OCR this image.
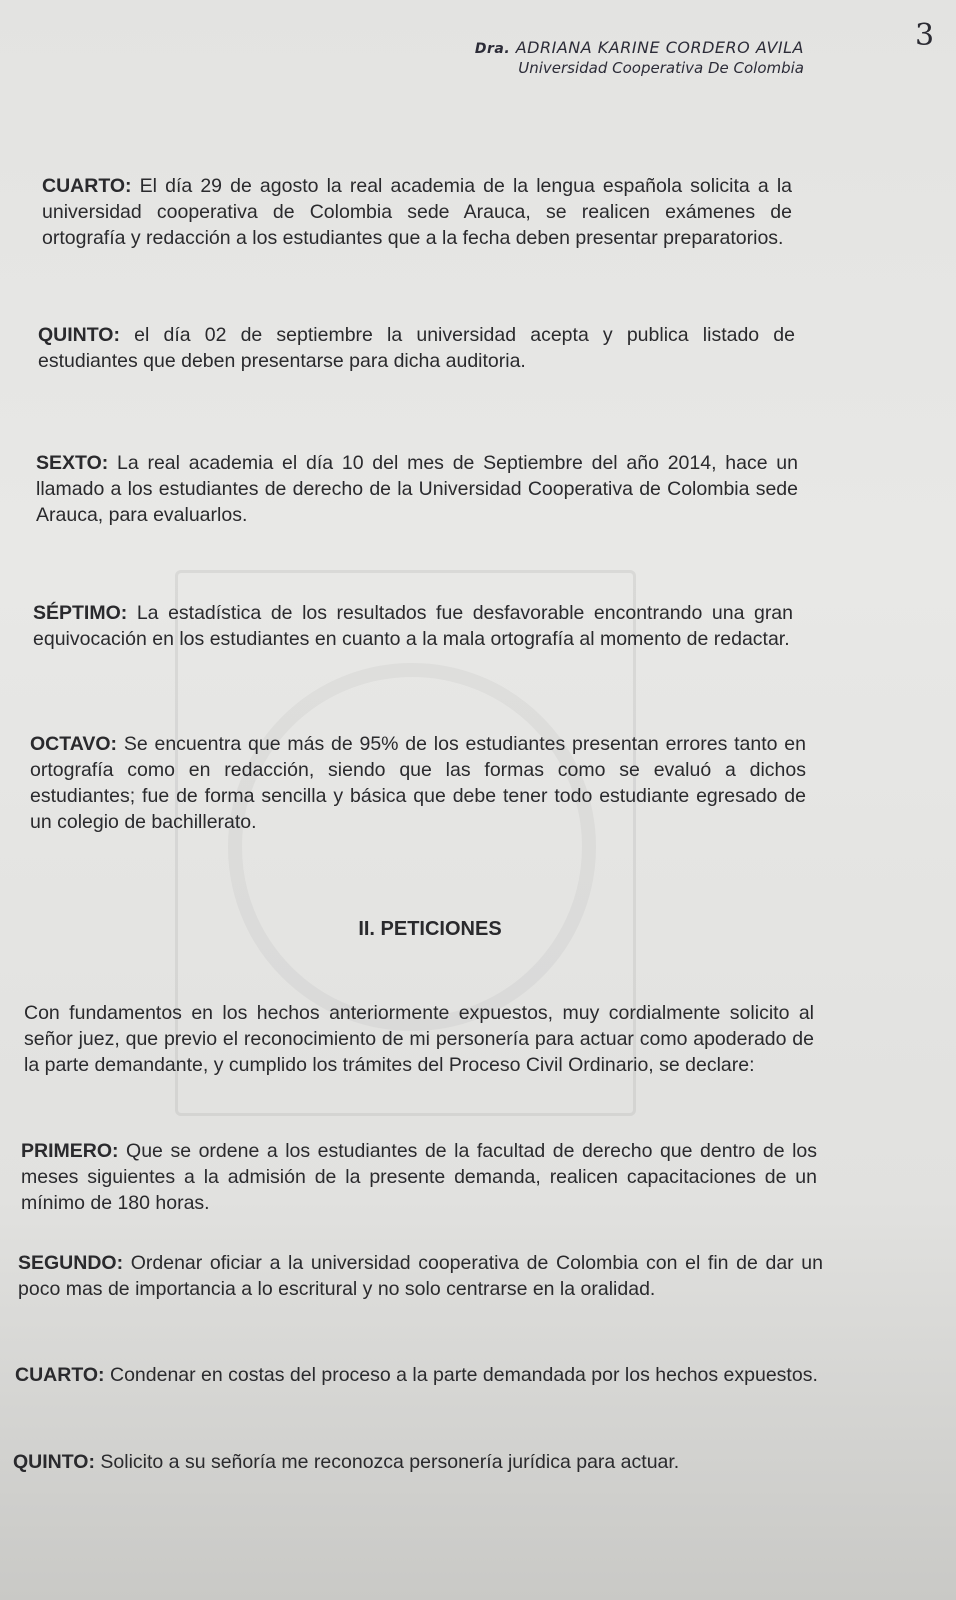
3
Dra. ADRIANA KARINE CORDERO AVILA
Universidad Cooperativa De Colombia
CUARTO: El día 29 de agosto la real academia de la lengua española solicita a la universidad cooperativa de Colombia sede Arauca, se realicen exámenes de ortografía y redacción a los estudiantes que a la fecha deben presentar preparatorios.
QUINTO: el día 02 de septiembre la universidad acepta y publica listado de estudiantes que deben presentarse para dicha auditoria.
SEXTO: La real academia el día 10 del mes de Septiembre del año 2014, hace un llamado a los estudiantes de derecho de la Universidad Cooperativa de Colombia sede Arauca, para evaluarlos.
SÉPTIMO: La estadística de los resultados fue desfavorable encontrando una gran equivocación en los estudiantes en cuanto a la mala ortografía al momento de redactar.
OCTAVO: Se encuentra que más de 95% de los estudiantes presentan errores tanto en ortografía como en redacción, siendo que las formas como se evaluó a dichos estudiantes; fue de forma sencilla y básica que debe tener todo estudiante egresado de un colegio de bachillerato.
II. PETICIONES
Con fundamentos en los hechos anteriormente expuestos, muy cordialmente solicito al señor juez, que previo el reconocimiento de mi personería para actuar como apoderado de la parte demandante, y cumplido los trámites del Proceso Civil Ordinario, se declare:
PRIMERO: Que se ordene a los estudiantes de la facultad de derecho que dentro de los meses siguientes a la admisión de la presente demanda, realicen capacitaciones de un mínimo de 180 horas.
SEGUNDO: Ordenar oficiar a la universidad cooperativa de Colombia con el fin de dar un poco mas de importancia a lo escritural y no solo centrarse en la oralidad.
CUARTO: Condenar en costas del proceso a la parte demandada por los hechos expuestos.
QUINTO: Solicito a su señoría me reconozca personería jurídica para actuar.
